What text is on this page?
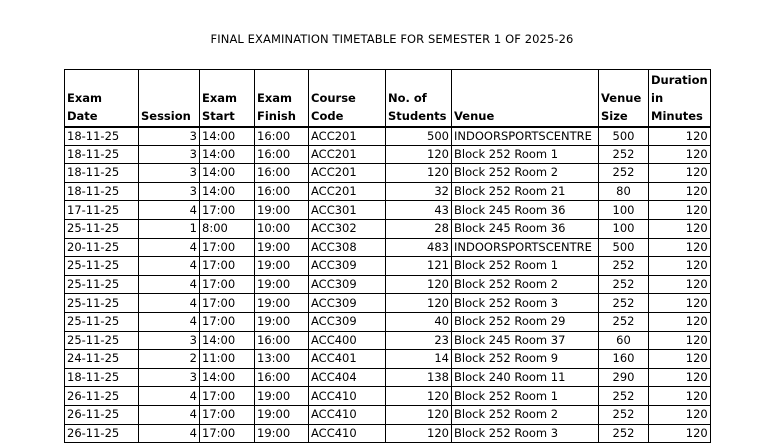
FINAL EXAMINATION TIMETABLE FOR SEMESTER 1 OF 2025-26
Exam Date	Session	Exam Start	Exam Finish	Course Code	No. of Students	Venue	Venue Size	Duration in Minutes
18-11-25	3	14:00	16:00	ACC201	500	INDOORSPORTSCENTRE	500	120
18-11-25	3	14:00	16:00	ACC201	120	Block 252 Room 1	252	120
18-11-25	3	14:00	16:00	ACC201	120	Block 252 Room 2	252	120
18-11-25	3	14:00	16:00	ACC201	32	Block 252 Room 21	80	120
17-11-25	4	17:00	19:00	ACC301	43	Block 245 Room 36	100	120
25-11-25	1	8:00	10:00	ACC302	28	Block 245 Room 36	100	120
20-11-25	4	17:00	19:00	ACC308	483	INDOORSPORTSCENTRE	500	120
25-11-25	4	17:00	19:00	ACC309	121	Block 252 Room 1	252	120
25-11-25	4	17:00	19:00	ACC309	120	Block 252 Room 2	252	120
25-11-25	4	17:00	19:00	ACC309	120	Block 252 Room 3	252	120
25-11-25	4	17:00	19:00	ACC309	40	Block 252 Room 29	252	120
25-11-25	3	14:00	16:00	ACC400	23	Block 245 Room 37	60	120
24-11-25	2	11:00	13:00	ACC401	14	Block 252 Room 9	160	120
18-11-25	3	14:00	16:00	ACC404	138	Block 240 Room 11	290	120
26-11-25	4	17:00	19:00	ACC410	120	Block 252 Room 1	252	120
26-11-25	4	17:00	19:00	ACC410	120	Block 252 Room 2	252	120
26-11-25	4	17:00	19:00	ACC410	120	Block 252 Room 3	252	120
